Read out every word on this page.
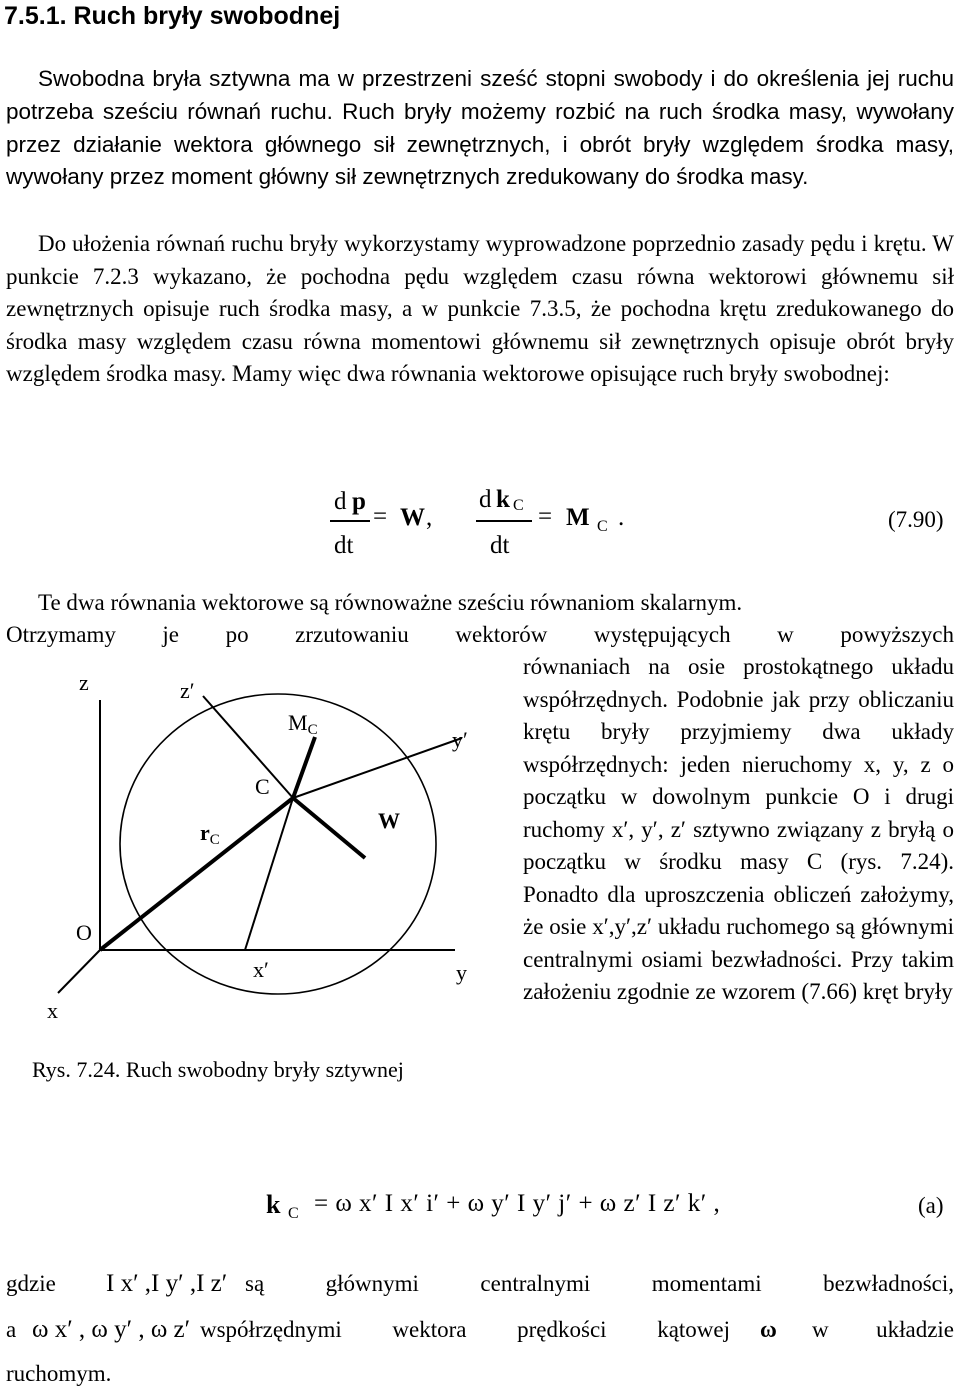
7.5.1. Ruch bryły swobodnej
Swobodna bryła sztywna ma w przestrzeni sześć stopni swobody i do określenia jej ruchu potrzeba sześciu równań ruchu. Ruch bryły możemy rozbić na ruch środka masy, wywołany przez działanie wektora głównego sił zewnętrznych, i obrót bryły względem środka masy, wywołany przez moment główny sił zewnętrznych zredukowany do środka masy.
Do ułożenia równań ruchu bryły wykorzystamy wyprowadzone poprzednio zasady pędu i krętu. W punkcie 7.2.3 wykazano, że pochodna pędu względem czasu równa wektorowi głównemu sił zewnętrznych opisuje ruch środka masy, a w punkcie 7.3.5, że pochodna krętu zredukowanego do środka masy względem czasu równa momentowi głównemu sił zewnętrznych opisuje obrót bryły względem środka masy. Mamy więc dwa równania wektorowe opisujące ruch bryły swobodnej:
d p
dt
= W ,
d k C
dt
= M C .	(7.90)
Te dwa równania wektorowe są równoważne sześciu równaniom skalarnym.
Otrzymamy je po zrzutowaniu wektorów występujących w powyższych
równaniach na osie prostokątnego układu współrzędnych. Podobnie jak przy obliczaniu krętu bryły przyjmiemy dwa układy współrzędnych: jeden nieruchomy x, y, z o początku w dowolnym punkcie O i drugi ruchomy x′, y′, z′ sztywno związany z bryłą o początku w środku masy C (rys. 7.24). Ponadto dla uproszczenia obliczeń założymy, że osie x′,y′,z′ układu ruchomego są głównymi centralnymi osiami bezwładności. Przy takim założeniu zgodnie ze wzorem (7.66) kręt bryły
z	z′
MC	y′
C
W
rC
O
x′	y
x
Rys. 7.24. Ruch swobodny bryły sztywnej
k C = ω x′ I x′ i′ + ω y′ I y′ j′ + ω z′ I z′ k′ ,	(a)
gdzie I x′ ,I y′ ,I z′ są głównymi centralnymi momentami bezwładności,
a ω x′ , ω y′ , ω z′ współrzędnymi wektora prędkości kątowej ω w układzie
ruchomym.
